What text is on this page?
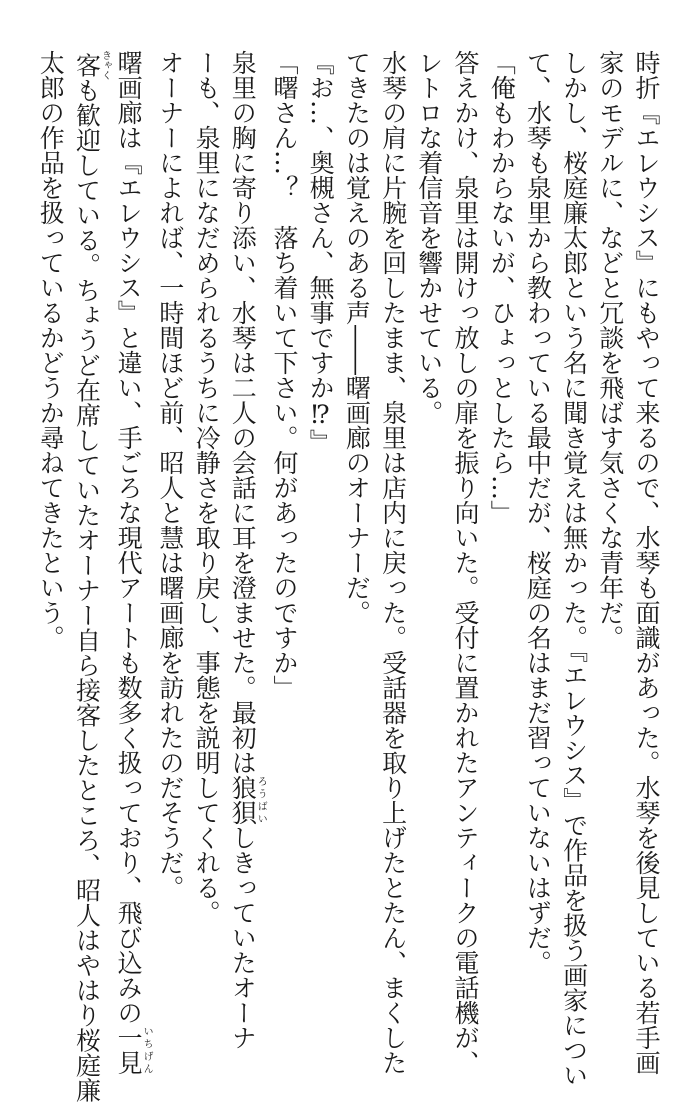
時折『エレウシス』にもやって来るので、水琴も面識があった。水琴を後見している若手画
家のモデルに、などと冗談を飛ばす気さくな青年だ。
しかし、桜庭廉太郎という名に聞き覚えは無かった。『エレウシス』で作品を扱う画家につい
て、水琴も泉里から教わっている最中だが、桜庭の名はまだ習っていないはずだ。
「俺もわからないが、ひょっとしたら…」
答えかけ、泉里は開けっ放しの扉を振り向いた。受付に置かれたアンティークの電話機が、
レトロな着信音を響かせている。
水琴の肩に片腕を回したまま、泉里は店内に戻った。受話器を取り上げたとたん、まくした
てきたのは覚えのある声――曙画廊のオーナーだ。
『お…、奥槻さん、無事ですか⁉』
「曙さん…？　落ち着いて下さい。何があったのですか」
泉里の胸に寄り添い、水琴は二人の会話に耳を澄ませた。最初は狼狽ろうばいしきっていたオーナ
ーも、泉里になだめられるうちに冷静さを取り戻し、事態を説明してくれる。
オーナーによれば、一時間ほど前、昭人と慧は曙画廊を訪れたのだそうだ。
曙画廊は『エレウシス』と違い、手ごろな現代アートも数多く扱っており、飛び込みの一見いちげん
客きゃくも歓迎している。ちょうど在席していたオーナー自ら接客したところ、昭人はやはり桜庭廉
太郎の作品を扱っているかどうか尋ねてきたという。
